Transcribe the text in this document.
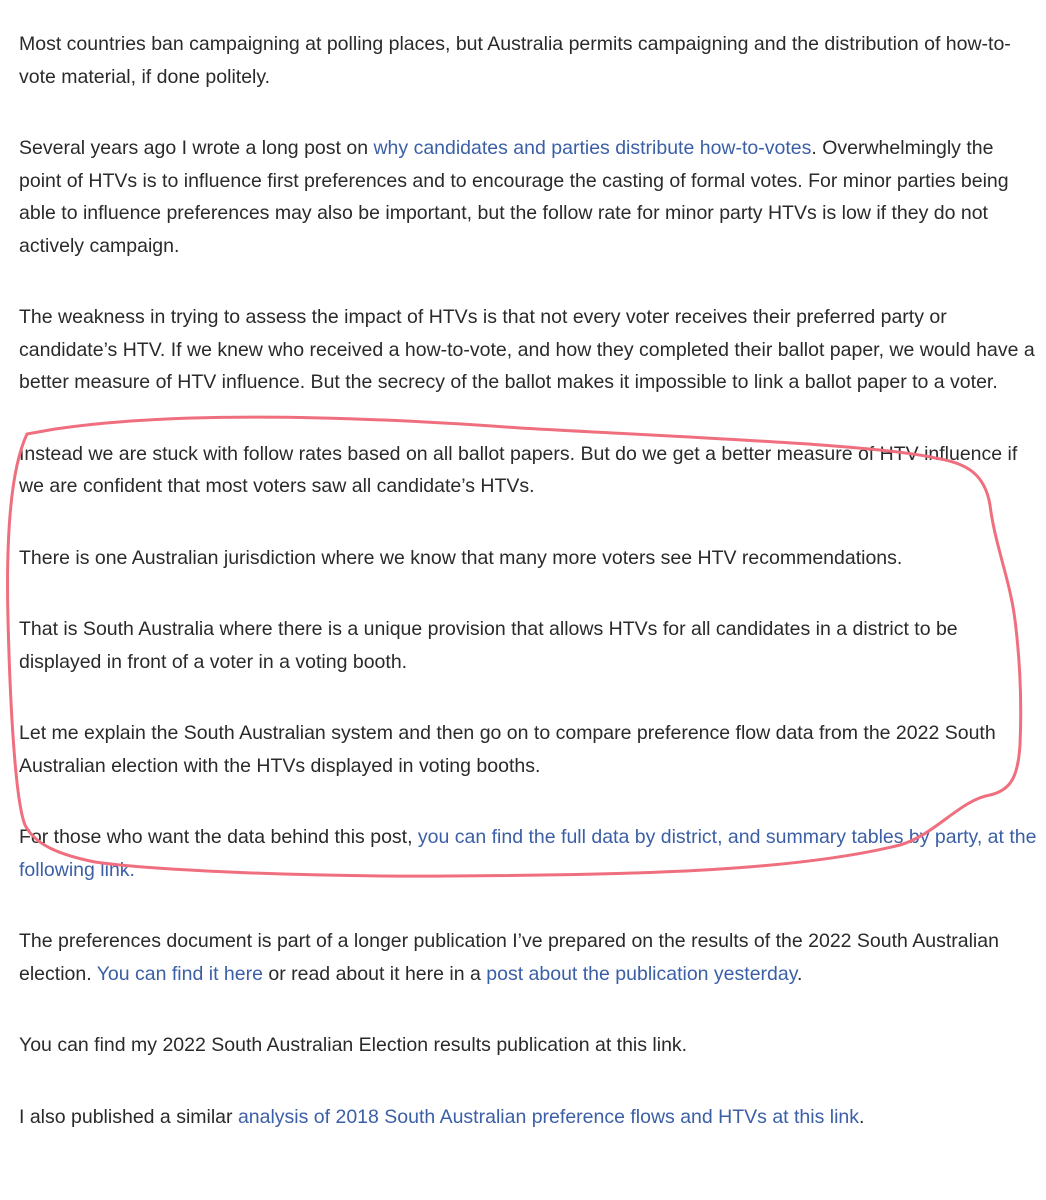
Most countries ban campaigning at polling places, but Australia permits campaigning and the distribution of how-to-vote material, if done politely.

Several years ago I wrote a long post on why candidates and parties distribute how-to-votes. Overwhelmingly the point of HTVs is to influence first preferences and to encourage the casting of formal votes. For minor parties being able to influence preferences may also be important, but the follow rate for minor party HTVs is low if they do not actively campaign.

The weakness in trying to assess the impact of HTVs is that not every voter receives their preferred party or candidate’s HTV. If we knew who received a how-to-vote, and how they completed their ballot paper, we would have a better measure of HTV influence. But the secrecy of the ballot makes it impossible to link a ballot paper to a voter.

Instead we are stuck with follow rates based on all ballot papers. But do we get a better measure of HTV influence if we are confident that most voters saw all candidate’s HTVs.

There is one Australian jurisdiction where we know that many more voters see HTV recommendations.

That is South Australia where there is a unique provision that allows HTVs for all candidates in a district to be displayed in front of a voter in a voting booth.

Let me explain the South Australian system and then go on to compare preference flow data from the 2022 South Australian election with the HTVs displayed in voting booths.

For those who want the data behind this post, you can find the full data by district, and summary tables by party, at the following link.

The preferences document is part of a longer publication I’ve prepared on the results of the 2022 South Australian election. You can find it here or read about it here in a post about the publication yesterday.

You can find my 2022 South Australian Election results publication at this link.

I also published a similar analysis of 2018 South Australian preference flows and HTVs at this link.
